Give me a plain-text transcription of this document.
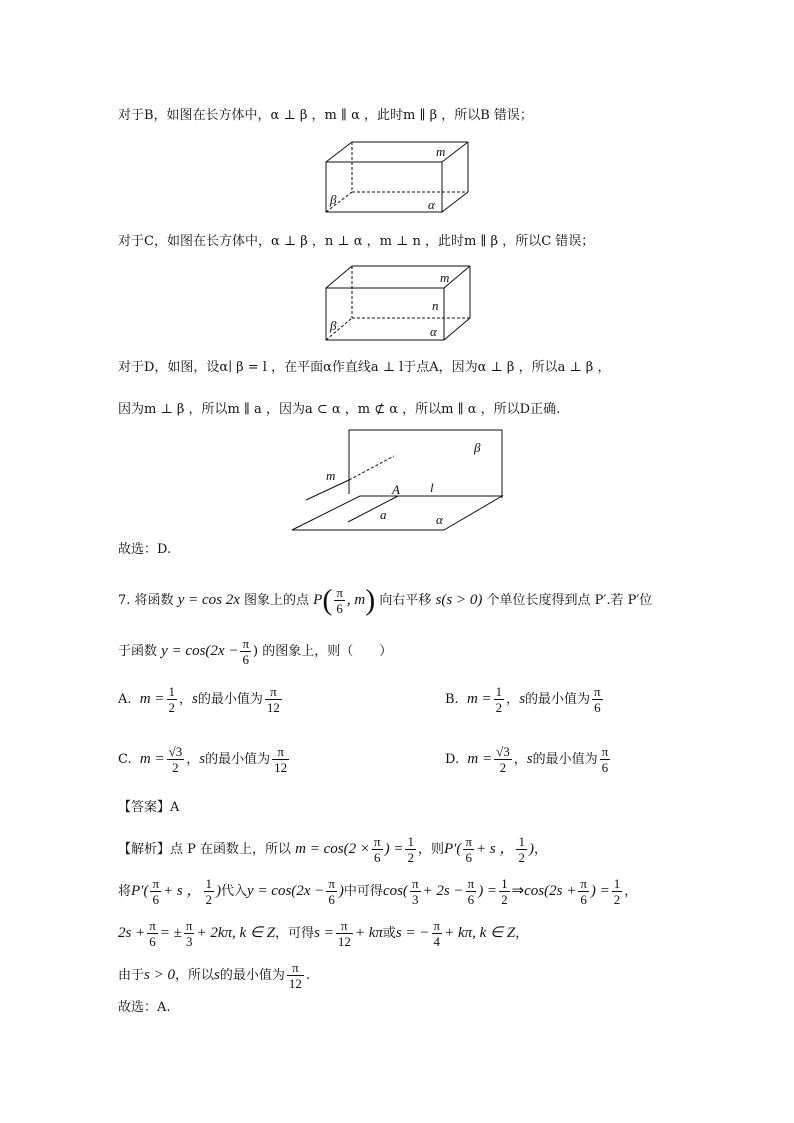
对于B，如图在长方体中，α ⊥ β ，m ∥ α ，此时m ∥ β ，所以B 错误；
m
β	α
对于C，如图在长方体中，α ⊥ β ，n ⊥ α ，m ⊥ n ，此时m ∥ β ，所以C 错误；
m
n
β	α
对于D，如图，设α∣ β = l ，在平面α作直线a ⊥ l于点A，因为α ⊥ β ，所以a ⊥ β ，
因为m ⊥ β ，所以m ∥ a ，因为a ⊂ α ，m ⊄ α ，所以m ∥ α ，所以D正确.
β
m
A l
a	α
故选：D.
7. 将函数 y = cos 2x 图象上的点 $P( \frac{\pi}{6}$ , m) 向右平移 s(s > 0) 个单位长度得到点 P′.若 P′位
于函数 $y = \cos(2x - \frac{\pi}{6}$ ) 的图象上，则（　　）
A. $m = \frac{1}{2}$ ，s的最小值为 $\frac{\pi}{12}$	B. $m = \frac{1}{2}$ ，s的最小值为 $\frac{\pi}{6}$
C. $m = \frac{√3}{2}$ ，s的最小值为 $\frac{\pi}{12}$	D. $m = \frac{√3}{2}$ ，s的最小值为 $\frac{\pi}{6}$
【答案】A
【解析】点 P 在函数上，所以 $m = \cos(2 \times \frac{\pi}{6}$ ) = $\frac{1}{2}$ ，则$P'( \frac{\pi}{6} + s$ ， $\frac{1}{2}$ )，
将$P'( \frac{\pi}{6} + s$ ， $\frac{1}{2}$ )代入$y = \cos(2x - \frac{\pi}{6}$ )中可得$\cos( \frac{\pi}{3} + 2s - \frac{\pi}{6}$ ) = $\frac{1}{2}$ ⇒cos(2s + $\frac{\pi}{6}$ ) = $\frac{1}{2}$ ，
$2s + \frac{\pi}{6}$ = ± $\frac{\pi}{3} + 2k\pi$, k ∈ Z，可得$s = \frac{\pi}{12} + k\pi$或s = − $\frac{\pi}{4} + k\pi$, k ∈ Z，
由于s > 0，所以s的最小值为 $\frac{\pi}{12}$ .
故选：A.
